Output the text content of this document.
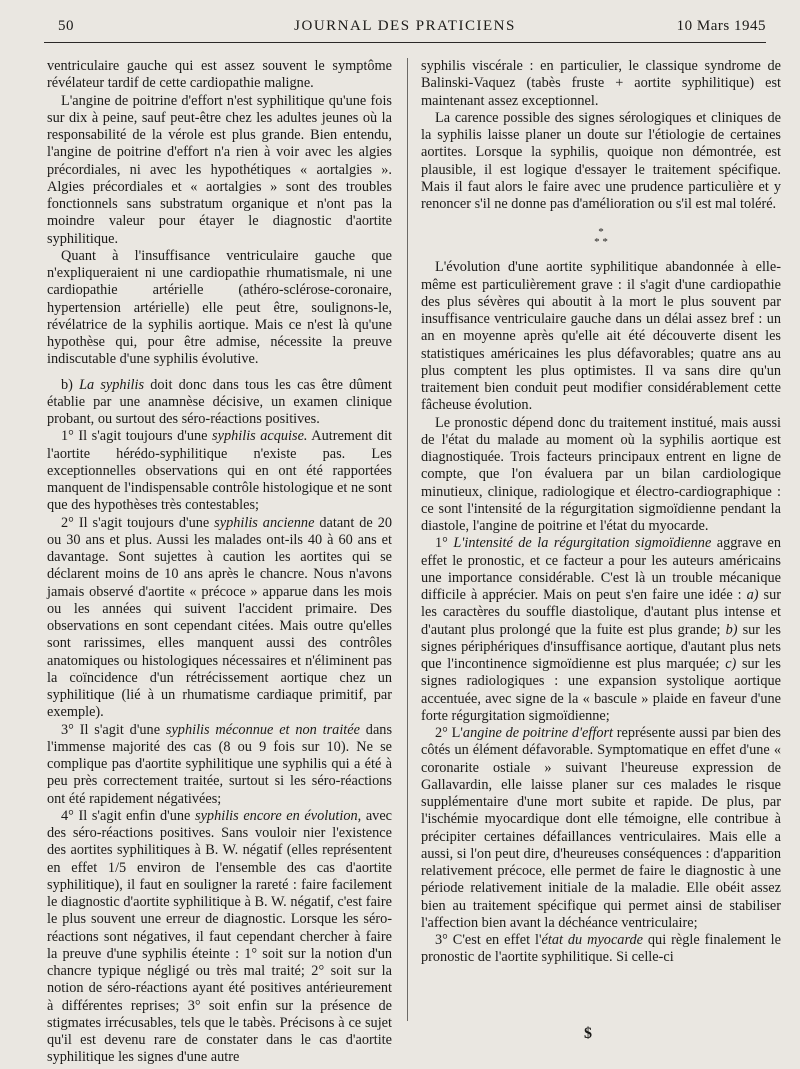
50	JOURNAL DES PRATICIENS	10 Mars 1945

ventriculaire gauche qui est assez souvent le symptôme révélateur tardif de cette cardiopathie maligne.

L'angine de poitrine d'effort n'est syphilitique qu'une fois sur dix à peine, sauf peut-être chez les adultes jeunes où la responsabilité de la vérole est plus grande. Bien entendu, l'angine de poitrine d'effort n'a rien à voir avec les algies précordiales, ni avec les hypothétiques « aortalgies ». Algies précordiales et « aortalgies » sont des troubles fonctionnels sans substratum organique et n'ont pas la moindre valeur pour étayer le diagnostic d'aortite syphilitique.

Quant à l'insuffisance ventriculaire gauche que n'expliqueraient ni une cardiopathie rhumatismale, ni une cardiopathie artérielle (athéro-sclérose-coronaire, hypertension artérielle) elle peut être, soulignons-le, révélatrice de la syphilis aortique. Mais ce n'est là qu'une hypothèse qui, pour être admise, nécessite la preuve indiscutable d'une syphilis évolutive.

b) La syphilis doit donc dans tous les cas être dûment établie par une anamnèse décisive, un examen clinique probant, ou surtout des séro-réactions positives.

1° Il s'agit toujours d'une syphilis acquise. Autrement dit l'aortite hérédo-syphilitique n'existe pas. Les exceptionnelles observations qui en ont été rapportées manquent de l'indispensable contrôle histologique et ne sont que des hypothèses très contestables;

2° Il s'agit toujours d'une syphilis ancienne datant de 20 ou 30 ans et plus. Aussi les malades ont-ils 40 à 60 ans et davantage. Sont sujettes à caution les aortites qui se déclarent moins de 10 ans après le chancre. Nous n'avons jamais observé d'aortite « précoce » apparue dans les mois ou les années qui suivent l'accident primaire. Des observations en sont cependant citées. Mais outre qu'elles sont rarissimes, elles manquent aussi des contrôles anatomiques ou histologiques nécessaires et n'éliminent pas la coïncidence d'un rétrécissement aortique chez un syphilitique (lié à un rhumatisme cardiaque primitif, par exemple).

3° Il s'agit d'une syphilis méconnue et non traitée dans l'immense majorité des cas (8 ou 9 fois sur 10). Ne se complique pas d'aortite syphilitique une syphilis qui a été à peu près correctement traitée, surtout si les séro-réactions ont été rapidement négativées;

4° Il s'agit enfin d'une syphilis encore en évolution, avec des séro-réactions positives. Sans vouloir nier l'existence des aortites syphilitiques à B. W. négatif (elles représentent en effet 1/5 environ de l'ensemble des cas d'aortite syphilitique), il faut en souligner la rareté : faire facilement le diagnostic d'aortite syphilitique à B. W. négatif, c'est faire le plus souvent une erreur de diagnostic. Lorsque les séro-réactions sont négatives, il faut cependant chercher à faire la preuve d'une syphilis éteinte : 1° soit sur la notion d'un chancre typique négligé ou très mal traité; 2° soit sur la notion de séro-réactions ayant été positives antérieurement à différentes reprises; 3° soit enfin sur la présence de stigmates irrécusables, tels que le tabès. Précisons à ce sujet qu'il est devenu rare de constater dans le cas d'aortite syphilitique les signes d'une autre

syphilis viscérale : en particulier, le classique syndrome de Balinski-Vaquez (tabès fruste + aortite syphilitique) est maintenant assez exceptionnel.

La carence possible des signes sérologiques et cliniques de la syphilis laisse planer un doute sur l'étiologie de certaines aortites. Lorsque la syphilis, quoique non démontrée, est plausible, il est logique d'essayer le traitement spécifique. Mais il faut alors le faire avec une prudence particulière et y renoncer s'il ne donne pas d'amélioration ou s'il est mal toléré.

*
* *

L'évolution d'une aortite syphilitique abandonnée à elle-même est particulièrement grave : il s'agit d'une cardiopathie des plus sévères qui aboutit à la mort le plus souvent par insuffisance ventriculaire gauche dans un délai assez bref : un an en moyenne après qu'elle ait été découverte disent les statistiques américaines les plus défavorables; quatre ans au plus comptent les plus optimistes. Il va sans dire qu'un traitement bien conduit peut modifier considérablement cette fâcheuse évolution.

Le pronostic dépend donc du traitement institué, mais aussi de l'état du malade au moment où la syphilis aortique est diagnostiquée. Trois facteurs principaux entrent en ligne de compte, que l'on évaluera par un bilan cardiologique minutieux, clinique, radiologique et électro-cardiographique : ce sont l'intensité de la régurgitation sigmoïdienne pendant la diastole, l'angine de poitrine et l'état du myocarde.

1° L'intensité de la régurgitation sigmoïdienne aggrave en effet le pronostic, et ce facteur a pour les auteurs américains une importance considérable. C'est là un trouble mécanique difficile à apprécier. Mais on peut s'en faire une idée : a) sur les caractères du souffle diastolique, d'autant plus intense et d'autant plus prolongé que la fuite est plus grande; b) sur les signes périphériques d'insuffisance aortique, d'autant plus nets que l'incontinence sigmoïdienne est plus marquée; c) sur les signes radiologiques : une expansion systolique aortique accentuée, avec signe de la « bascule » plaide en faveur d'une forte régurgitation sigmoïdienne;

2° L'angine de poitrine d'effort représente aussi par bien des côtés un élément défavorable. Symptomatique en effet d'une « coronarite ostiale » suivant l'heureuse expression de Gallavardin, elle laisse planer sur ces malades le risque supplémentaire d'une mort subite et rapide. De plus, par l'ischémie myocardique dont elle témoigne, elle contribue à précipiter certaines défaillances ventriculaires. Mais elle a aussi, si l'on peut dire, d'heureuses conséquences : d'apparition relativement précoce, elle permet de faire le diagnostic à une période relativement initiale de la maladie. Elle obéit assez bien au traitement spécifique qui permet ainsi de stabiliser l'affection bien avant la déchéance ventriculaire;

3° C'est en effet l'état du myocarde qui règle finalement le pronostic de l'aortite syphilitique. Si celle-ci

$
